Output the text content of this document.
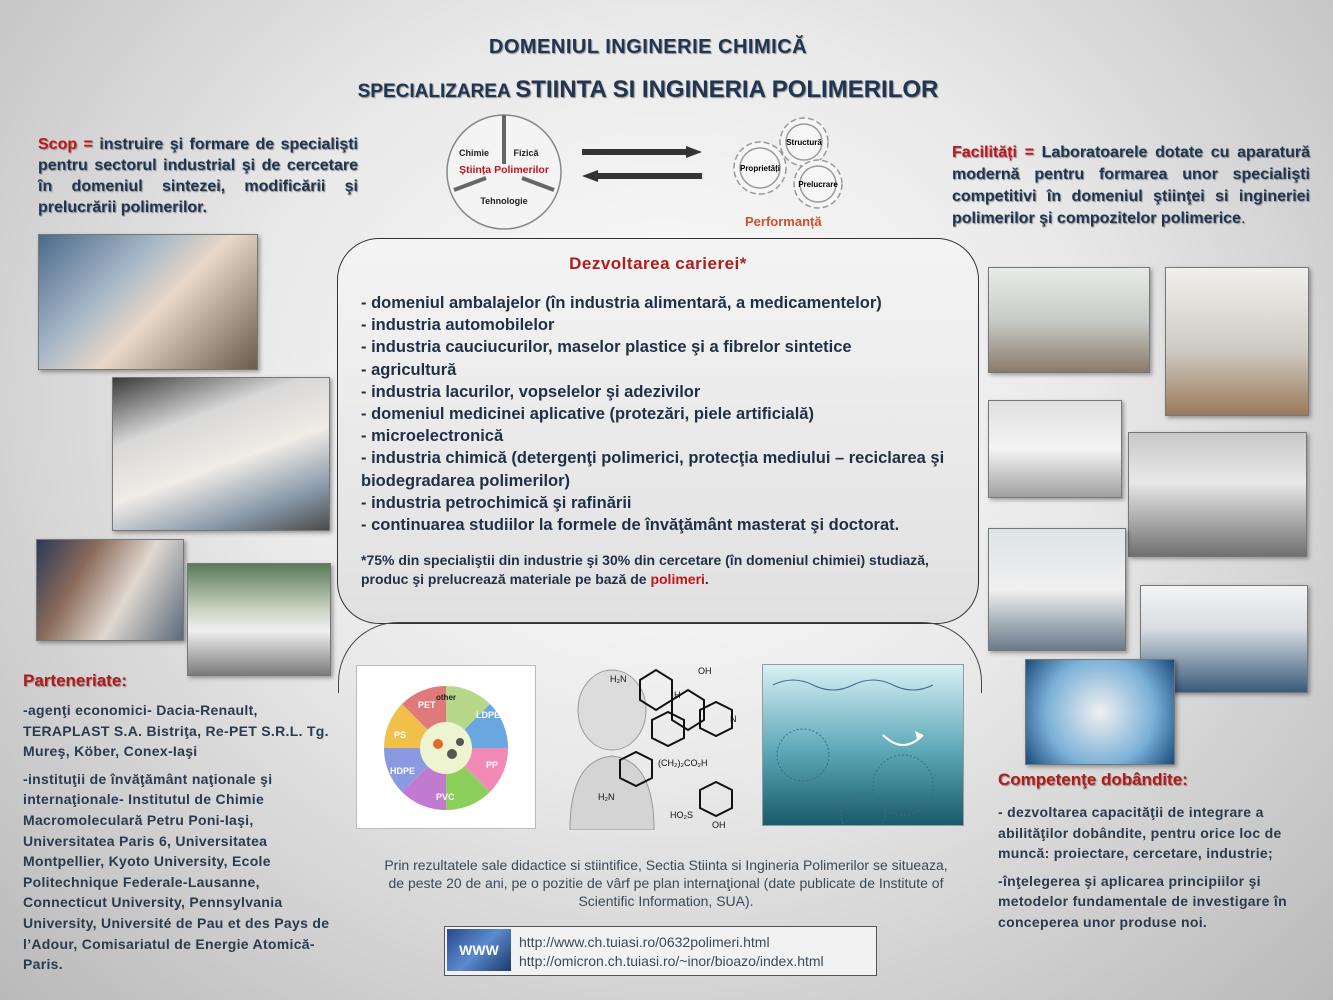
DOMENIUL INGINERIE CHIMICĂ
SPECIALIZAREA STIINTA SI INGINERIA POLIMERILOR
Scop = instruire şi formare de specialişti pentru sectorul industrial şi de cercetare în domeniul sintezei, modificării şi prelucrării polimerilor.
Facilități = Laboratoarele dotate cu aparatură modernă pentru formarea unor specialişti competitivi în domeniul ştiinţei si ingineriei polimerilor şi compozitelor polimerice.
Chimie	Fizică
Știința Polimerilor
Tehnologie
Proprietăți
Structură
Prelucrare
Performanță
Dezvoltarea carierei*
- domeniul ambalajelor (în industria alimentară, a medicamentelor)
- industria automobilelor
- industria cauciucurilor, maselor plastice şi a fibrelor sintetice
- agricultură
- industria lacurilor, vopselelor şi adezivilor
- domeniul medicinei aplicative (protezări, piele artificială)
- microelectronică
- industria chimică (detergenţi polimerici, protecţia mediului – reciclarea şi biodegradarea polimerilor)
- industria petrochimică şi rafinării
- continuarea studiilor la formele de învăţământ masterat şi doctorat.
*75% din specialiştii din industrie şi 30% din cercetare (în domeniul chimiei) studiază, produc şi prelucrează materiale pe bază de polimeri.
PET
other
LDPE
PP
PVC
HDPE
PS
H₂N
OH
N
(CH₂)₂CO₂H
H₂N
HO₂S
OH
H
Parteneriate:
-agenţi economici- Dacia-Renault, TERAPLAST S.A. Bistriţa, Re-PET S.R.L. Tg. Mureş, Köber, Conex-Iaşi
-instituţii de învăţământ naţionale şi internaţionale- Institutul de Chimie Macromoleculară Petru Poni-Iaşi, Universitatea Paris 6, Universitatea Montpellier, Kyoto University, Ecole Politechnique Federale-Lausanne, Connecticut University, Pennsylvania University, Université de Pau et des Pays de l’Adour, Comisariatul de Energie Atomică-Paris.
Competenţe dobândite:
- dezvoltarea capacităţii de integrare a abilităţilor dobândite, pentru orice loc de muncă: proiectare, cercetare, industrie;
-înţelegerea şi aplicarea principiilor şi metodelor fundamentale de investigare în conceperea unor produse noi.
Prin rezultatele sale didactice si stiintifice, Sectia Stiinta si Ingineria Polimerilor se situeaza, de peste 20 de ani, pe o pozitie de vârf pe plan internaţional (date publicate de Institute of Scientific Information, SUA).
WWW	http://www.ch.tuiasi.ro/0632polimeri.html
http://omicron.ch.tuiasi.ro/~inor/bioazo/index.html
